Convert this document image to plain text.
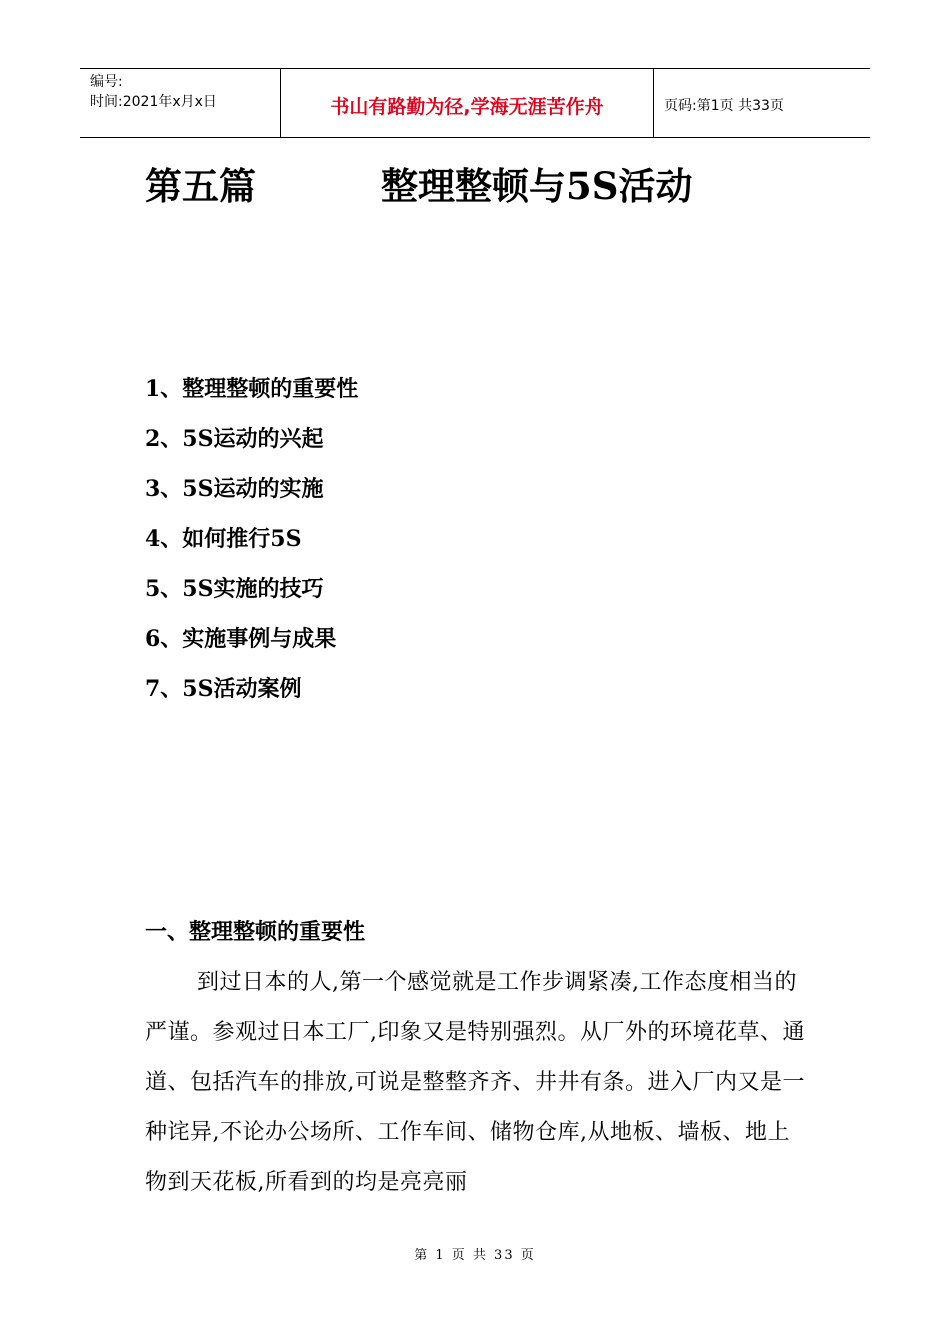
编号:
时间:2021年x月x日	书山有路勤为径,学海无涯苦作舟	页码:第1页 共33页
第五篇	整理整顿与5S活动
1、整理整顿的重要性
2、5S运动的兴起
3、5S运动的实施
4、如何推行5S
5、5S实施的技巧
6、实施事例与成果
7、5S活动案例
一、整理整顿的重要性

到过日本的人,第一个感觉就是工作步调紧凑,工作态度相当的严谨。参观过日本工厂,印象又是特别强烈。从厂外的环境花草、通道、包括汽车的排放,可说是整整齐齐、井井有条。进入厂内又是一种诧异,不论办公场所、工作车间、储物仓库,从地板、墙板、地上物到天花板,所看到的均是亮亮丽

第 1 页 共 33 页
